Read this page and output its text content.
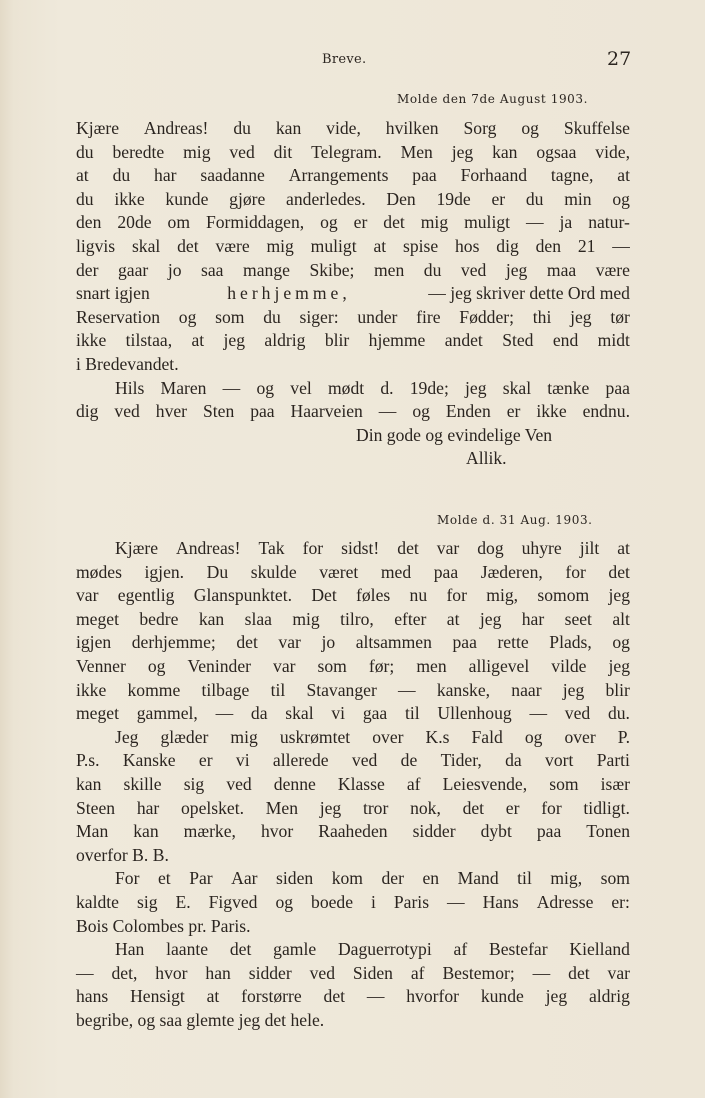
Breve.	27
Molde den 7de August 1903.
Kjære Andreas! du kan vide, hvilken Sorg og Skuffelse
du beredte mig ved dit Telegram. Men jeg kan ogsaa vide,
at du har saadanne Arrangements paa Forhaand tagne, at
du ikke kunde gjøre anderledes. Den 19de er du min og
den 20de om Formiddagen, og er det mig muligt — ja natur-
ligvis skal det være mig muligt at spise hos dig den 21 —
der gaar jo saa mange Skibe; men du ved jeg maa være
snart igjen	herhjemme,	— jeg skriver dette Ord med
Reservation og som du siger: under fire Fødder; thi jeg tør
ikke tilstaa, at jeg aldrig blir hjemme andet Sted end midt
i Bredevandet.
Hils Maren — og vel mødt d. 19de; jeg skal tænke paa
dig ved hver Sten paa Haarveien — og Enden er ikke endnu.
Din gode og evindelige Ven
Allik.
Molde d. 31 Aug. 1903.
Kjære Andreas! Tak for sidst! det var dog uhyre jilt at
mødes igjen. Du skulde været med paa Jæderen, for det
var egentlig Glanspunktet. Det føles nu for mig, somom jeg
meget bedre kan slaa mig tilro, efter at jeg har seet alt
igjen derhjemme; det var jo altsammen paa rette Plads, og
Venner og Veninder var som før; men alligevel vilde jeg
ikke komme tilbage til Stavanger — kanske, naar jeg blir
meget gammel, — da skal vi gaa til Ullenhoug — ved du.
Jeg glæder mig uskrømtet over K.s Fald og over P.
P.s. Kanske er vi allerede ved de Tider, da vort Parti
kan skille sig ved denne Klasse af Leiesvende, som især
Steen har opelsket. Men jeg tror nok, det er for tidligt.
Man kan mærke, hvor Raaheden sidder dybt paa Tonen
overfor B. B.
For et Par Aar siden kom der en Mand til mig, som
kaldte sig E. Figved og boede i Paris — Hans Adresse er:
Bois Colombes pr. Paris.
Han laante det gamle Daguerrotypi af Bestefar Kielland
— det, hvor han sidder ved Siden af Bestemor; — det var
hans Hensigt at forstørre det — hvorfor kunde jeg aldrig
begribe, og saa glemte jeg det hele.
